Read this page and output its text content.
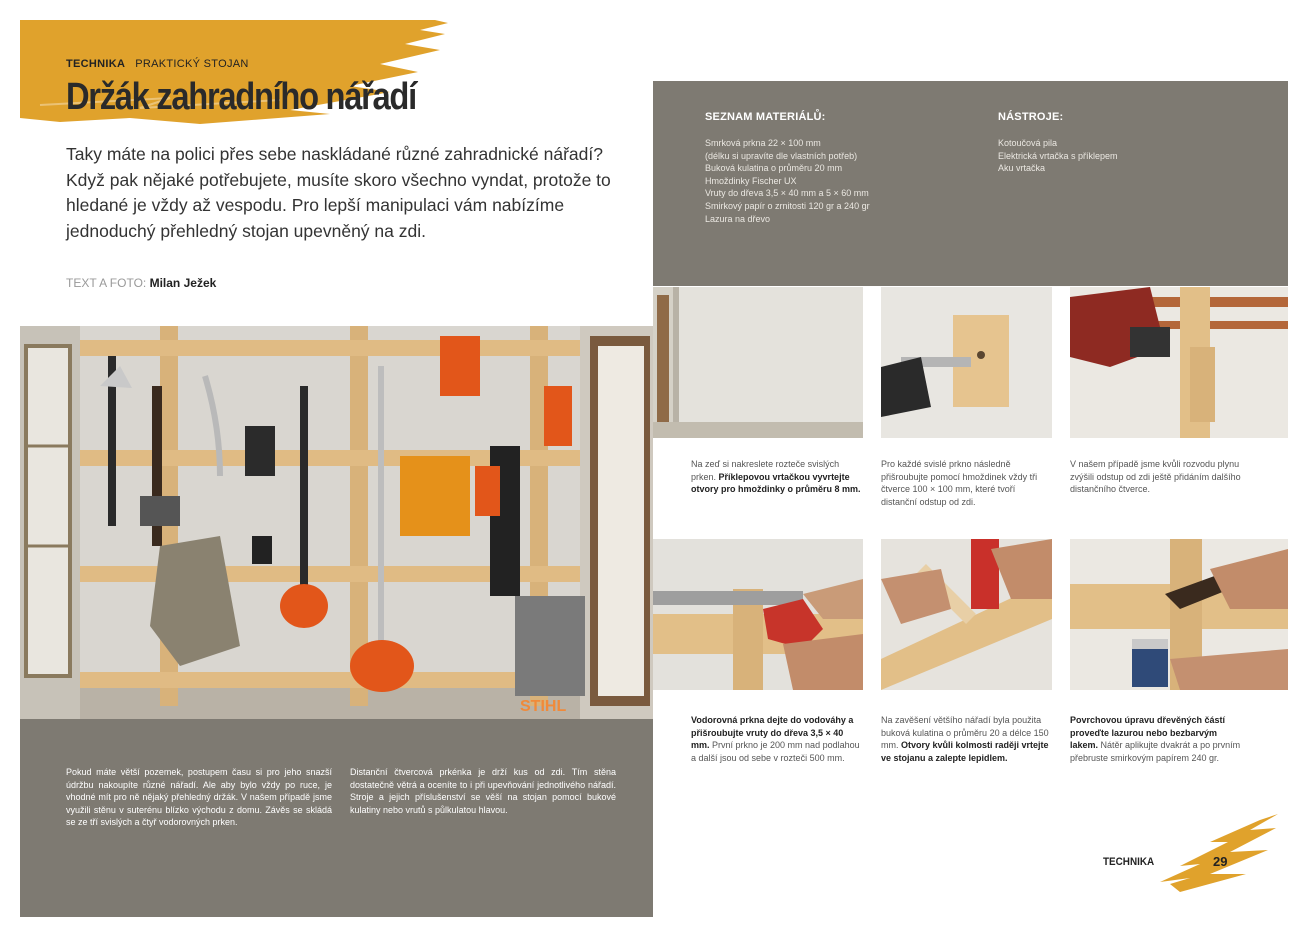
TECHNIKA PRAKTICKÝ STOJAN
Držák zahradního nářadí
Taky máte na polici přes sebe naskládané různé zahradnické nářadí? Když pak nějaké potřebujete, musíte skoro všechno vyndat, protože to hledané je vždy až vespodu. Pro lepší manipulaci vám nabízíme jednoduchý přehledný stojan upevněný na zdi.
TEXT A FOTO: Milan Ježek
STIHL
Pokud máte větší pozemek, postupem času si pro jeho snazší údržbu nakoupíte různé nářadí. Ale aby bylo vždy po ruce, je vhodné mít pro ně nějaký přehledný držák. V našem případě jsme využili stěnu v suterénu blízko východu z domu. Závěs se skládá se ze tří svislých a čtyř vodorovných prken.
Distanční čtvercová prkénka je drží kus od zdi. Tím stěna dostatečně větrá a oceníte to i při upevňování jednotlivého nářadí. Stroje a jejich příslušenství se věší na stojan pomocí bukové kulatiny nebo vrutů s půlkulatou hlavou.
SEZNAM MATERIÁLŮ:
Smrková prkna 22 × 100 mm
(délku si upravíte dle vlastních potřeb)
Buková kulatina o průměru 20 mm
Hmoždinky Fischer UX
Vruty do dřeva 3,5 × 40 mm a 5 × 60 mm
Smirkový papír o zrnitosti 120 gr a 240 gr
Lazura na dřevo
NÁSTROJE:
Kotoučová pila
Elektrická vrtačka s příklepem
Aku vrtačka
Na zeď si nakreslete rozteče svislých prken. Příklepovou vrtačkou vyvrtejte otvory pro hmoždinky o průměru 8 mm.
Pro každé svislé prkno následně přišroubujte pomocí hmoždinek vždy tři čtverce 100 × 100 mm, které tvoří distanční odstup od zdi.
V našem případě jsme kvůli rozvodu plynu zvýšili odstup od zdi ještě přidáním dalšího distančního čtverce.
Vodorovná prkna dejte do vodováhy a přišroubujte vruty do dřeva 3,5 × 40 mm. První prkno je 200 mm nad podlahou a další jsou od sebe v rozteči 500 mm.
Na zavěšení většího nářadí byla použita buková kulatina o průměru 20 a délce 150 mm. Otvory kvůli kolmosti raději vrtejte ve stojanu a zalepte lepidlem.
Povrchovou úpravu dřevěných částí proveďte lazurou nebo bezbarvým lakem. Nátěr aplikujte dvakrát a po prvním přebruste smirkovým papírem 240 gr.
TECHNIKA	29
